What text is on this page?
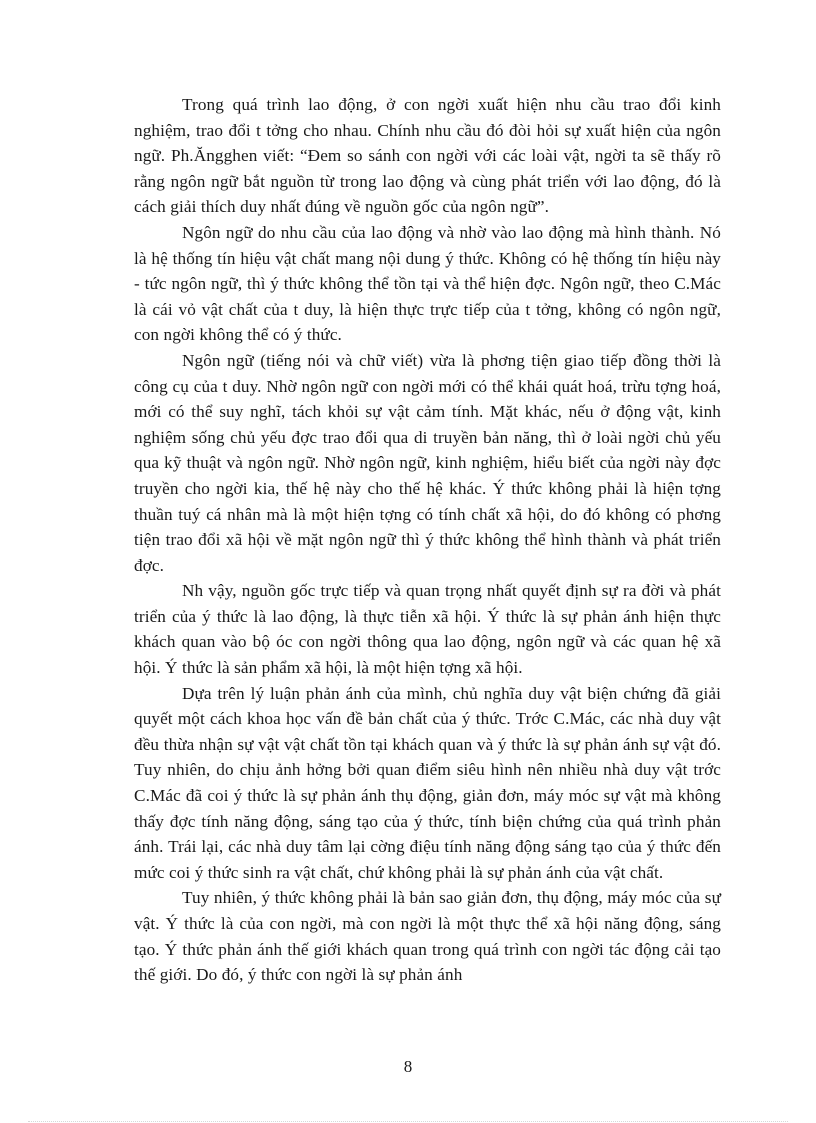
Trong quá trình lao động, ở con ngời xuất hiện nhu cầu trao đổi kinh nghiệm, trao đổi t tởng cho nhau. Chính nhu cầu đó đòi hỏi sự xuất hiện của ngôn ngữ. Ph.Ăngghen viết: “Đem so sánh con ngời với các loài vật, ngời ta sẽ thấy rõ rằng ngôn ngữ bắt nguồn từ trong lao động và cùng phát triển với lao động, đó là cách giải thích duy nhất đúng về nguồn gốc của ngôn ngữ”.

Ngôn ngữ do nhu cầu của lao động và nhờ vào lao động mà hình thành. Nó là hệ thống tín hiệu vật chất mang nội dung ý thức. Không có hệ thống tín hiệu này - tức ngôn ngữ, thì ý thức không thể tồn tại và thể hiện đợc. Ngôn ngữ, theo C.Mác là cái vỏ vật chất của t duy, là hiện thực trực tiếp của t tởng, không có ngôn ngữ, con ngời không thể có ý thức.

Ngôn ngữ (tiếng nói và chữ viết) vừa là phơng tiện giao tiếp đồng thời là công cụ của t duy. Nhờ ngôn ngữ con ngời mới có thể khái quát hoá, trừu tợng hoá, mới có thể suy nghĩ, tách khỏi sự vật cảm tính. Mặt khác, nếu ở động vật, kinh nghiệm sống chủ yếu đợc trao đổi qua di truyền bản năng, thì ở loài ngời chủ yếu qua kỹ thuật và ngôn ngữ. Nhờ ngôn ngữ, kinh nghiệm, hiểu biết của ngời này đợc truyền cho ngời kia, thế hệ này cho thế hệ khác. Ý thức không phải là hiện tợng thuần tuý cá nhân mà là một hiện tợng có tính chất xã hội, do đó không có phơng tiện trao đổi xã hội về mặt ngôn ngữ thì ý thức không thể hình thành và phát triển đợc.

Nh vậy, nguồn gốc trực tiếp và quan trọng nhất quyết định sự ra đời và phát triển của ý thức là lao động, là thực tiễn xã hội. Ý thức là sự phản ánh hiện thực khách quan vào bộ óc con ngời thông qua lao động, ngôn ngữ và các quan hệ xã hội. Ý thức là sản phẩm xã hội, là một hiện tợng xã hội.

Dựa trên lý luận phản ánh của mình, chủ nghĩa duy vật biện chứng đã giải quyết một cách khoa học vấn đề bản chất của ý thức. Trớc C.Mác, các nhà duy vật đều thừa nhận sự vật vật chất tồn tại khách quan và ý thức là sự phản ánh sự vật đó. Tuy nhiên, do chịu ảnh hởng bởi quan điểm siêu hình nên nhiều nhà duy vật trớc C.Mác đã coi ý thức là sự phản ánh thụ động, giản đơn, máy móc sự vật mà không thấy đợc tính năng động, sáng tạo của ý thức, tính biện chứng của quá trình phản ánh. Trái lại, các nhà duy tâm lại cờng điệu tính năng động sáng tạo của ý thức đến mức coi ý thức sinh ra vật chất, chứ không phải là sự phản ánh của vật chất.

Tuy nhiên, ý thức không phải là bản sao giản đơn, thụ động, máy móc của sự vật. Ý thức là của con ngời, mà con ngời là một thực thể xã hội năng động, sáng tạo. Ý thức phản ánh thế giới khách quan trong quá trình con ngời tác động cải tạo thế giới. Do đó, ý thức con ngời là sự phản ánh

8
